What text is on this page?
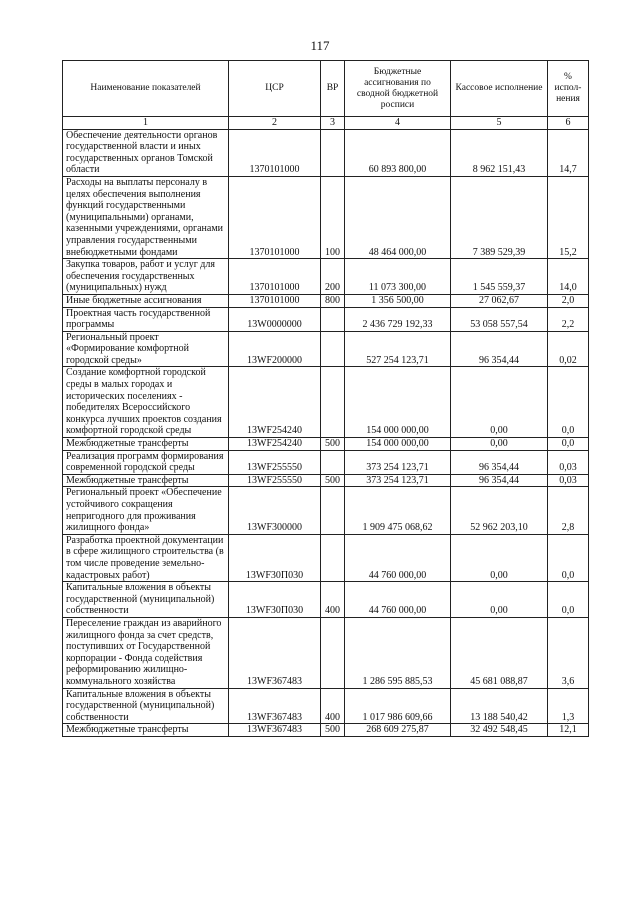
117
Наименование показателей	ЦСР	ВР	Бюджетные ассигнования по сводной бюджетной росписи	Кассовое исполнение	% испол-нения
1	2	3	4	5	6
Обеспечение деятельности органов государственной власти и иных государственных органов Томской области	1370101000		60 893 800,00	8 962 151,43	14,7
Расходы на выплаты персоналу в целях обеспечения выполнения функций государственными (муниципальными) органами, казенными учреждениями, органами управления государственными внебюджетными фондами	1370101000	100	48 464 000,00	7 389 529,39	15,2
Закупка товаров, работ и услуг для обеспечения государственных (муниципальных) нужд	1370101000	200	11 073 300,00	1 545 559,37	14,0
Иные бюджетные ассигнования	1370101000	800	1 356 500,00	27 062,67	2,0
Проектная часть государственной программы	13W0000000		2 436 729 192,33	53 058 557,54	2,2
Региональный проект «Формирование комфортной городской среды»	13WF200000		527 254 123,71	96 354,44	0,02
Создание комфортной городской среды в малых городах и исторических поселениях - победителях Всероссийского конкурса лучших проектов создания комфортной городской среды	13WF254240		154 000 000,00	0,00	0,0
Межбюджетные трансферты	13WF254240	500	154 000 000,00	0,00	0,0
Реализация программ формирования современной городской среды	13WF255550		373 254 123,71	96 354,44	0,03
Межбюджетные трансферты	13WF255550	500	373 254 123,71	96 354,44	0,03
Региональный проект «Обеспечение устойчивого сокращения непригодного для проживания жилищного фонда»	13WF300000		1 909 475 068,62	52 962 203,10	2,8
Разработка проектной документации в сфере жилищного строительства (в том числе проведение земельно-кадастровых работ)	13WF30П030		44 760 000,00	0,00	0,0
Капитальные вложения в объекты государственной (муниципальной) собственности	13WF30П030	400	44 760 000,00	0,00	0,0
Переселение граждан из аварийного жилищного фонда за счет средств, поступивших от Государственной корпорации - Фонда содействия реформированию жилищно-коммунального хозяйства	13WF367483		1 286 595 885,53	45 681 088,87	3,6
Капитальные вложения в объекты государственной (муниципальной) собственности	13WF367483	400	1 017 986 609,66	13 188 540,42	1,3
Межбюджетные трансферты	13WF367483	500	268 609 275,87	32 492 548,45	12,1
